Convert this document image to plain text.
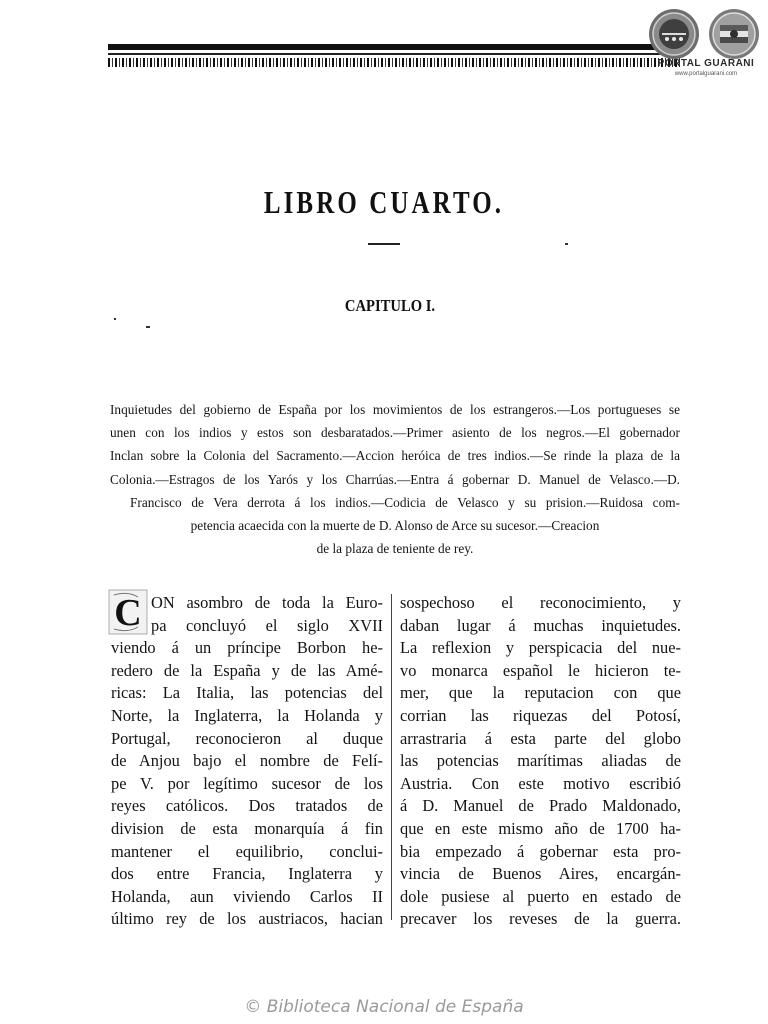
PORTAL GUARANI
www.portalguarani.com
LIBRO CUARTO.
CAPITULO I.
Inquietudes del gobierno de España por los movimientos de los estrangeros.—Los portugueses se
unen con los indios y estos son desbaratados.—Primer asiento de los negros.—El gobernador
Inclan sobre la Colonia del Sacramento.—Accion heróica de tres indios.—Se rinde la plaza de la
Colonia.—Estragos de los Yarós y los Charrúas.—Entra á gobernar D. Manuel de Velasco.—D.
Francisco de Vera derrota á los indios.—Codicia de Velasco y su prision.—Ruidosa com-
petencia acaecida con la muerte de D. Alonso de Arce su sucesor.—Creacion
de la plaza de teniente de rey.
C ON asombro de toda la Euro-
pa concluyó el siglo XVII
viendo á un príncipe Borbon he-
redero de la España y de las Amé-
ricas: La Italia, las potencias del
Norte, la Inglaterra, la Holanda y
Portugal, reconocieron al duque
de Anjou bajo el nombre de Felí-
pe V. por legítimo sucesor de los
reyes católicos. Dos tratados de
division de esta monarquía á fin
mantener el equilibrio, conclui-
dos entre Francia, Inglaterra y
Holanda, aun viviendo Carlos II
último rey de los austriacos, hacian
sospechoso el reconocimiento, y
daban lugar á muchas inquietudes.
La reflexion y perspicacia del nue-
vo monarca español le hicieron te-
mer, que la reputacion con que
corrian las riquezas del Potosí,
arrastraria á esta parte del globo
las potencias marítimas aliadas de
Austria. Con este motivo escribió
á D. Manuel de Prado Maldonado,
que en este mismo año de 1700 ha-
bia empezado á gobernar esta pro-
vincia de Buenos Aires, encargán-
dole pusiese al puerto en estado de
precaver los reveses de la guerra.
© Biblioteca Nacional de España
